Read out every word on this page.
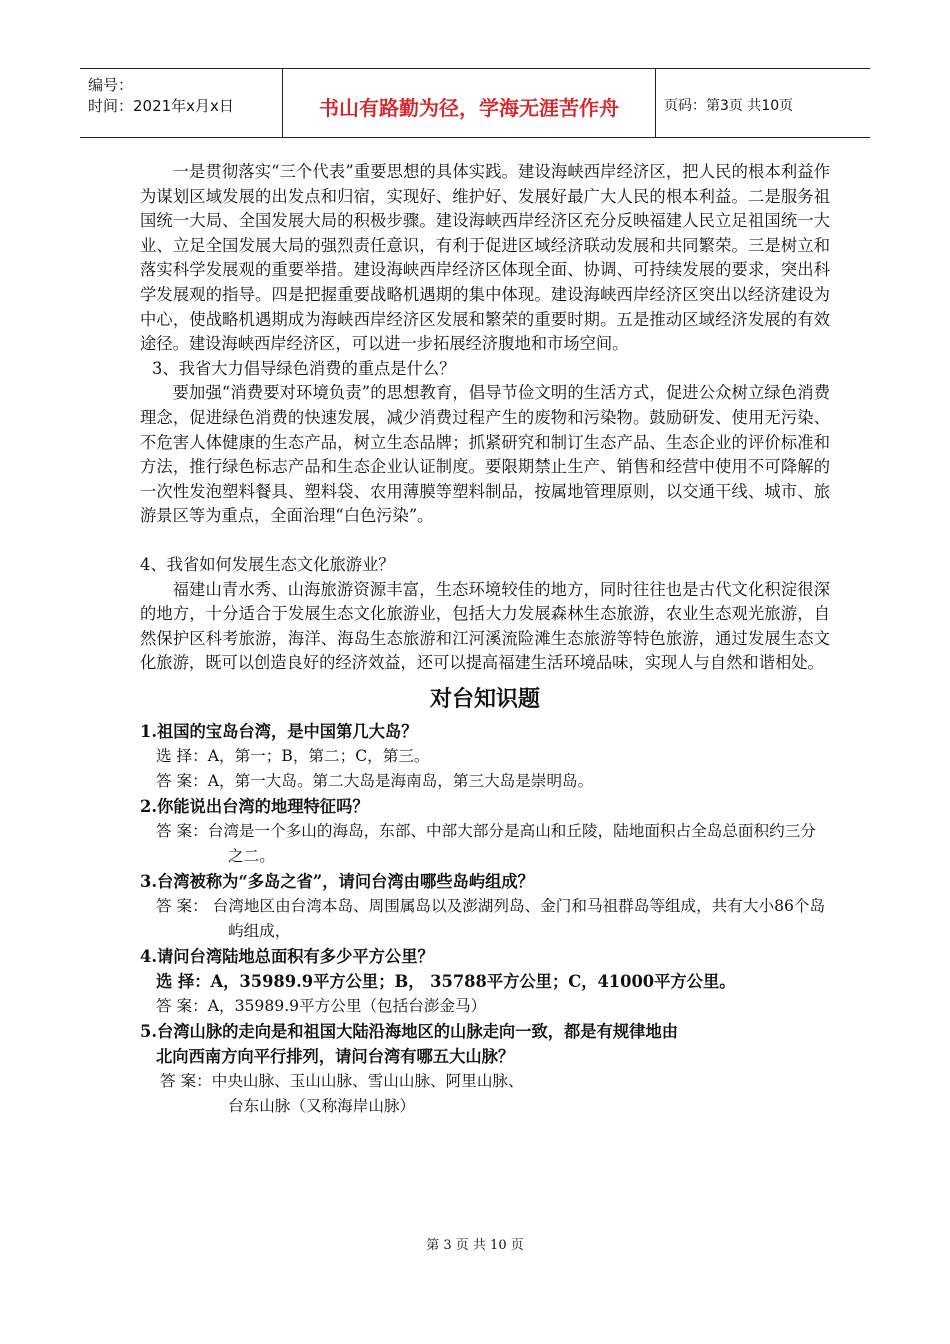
编号：
时间：2021年x月x日	书山有路勤为径，学海无涯苦作舟	页码：第3页 共10页

一是贯彻落实“三个代表”重要思想的具体实践。建设海峡西岸经济区，把人民的根本利益作为谋划区域发展的出发点和归宿，实现好、维护好、发展好最广大人民的根本利益。二是服务祖国统一大局、全国发展大局的积极步骤。建设海峡西岸经济区充分反映福建人民立足祖国统一大业、立足全国发展大局的强烈责任意识，有利于促进区域经济联动发展和共同繁荣。三是树立和落实科学发展观的重要举措。建设海峡西岸经济区体现全面、协调、可持续发展的要求，突出科学发展观的指导。四是把握重要战略机遇期的集中体现。建设海峡西岸经济区突出以经济建设为中心，使战略机遇期成为海峡西岸经济区发展和繁荣的重要时期。五是推动区域经济发展的有效途径。建设海峡西岸经济区，可以进一步拓展经济腹地和市场空间。

3、我省大力倡导绿色消费的重点是什么？

要加强“消费要对环境负责”的思想教育，倡导节俭文明的生活方式，促进公众树立绿色消费理念，促进绿色消费的快速发展，减少消费过程产生的废物和污染物。鼓励研发、使用无污染、不危害人体健康的生态产品，树立生态品牌；抓紧研究和制订生态产品、生态企业的评价标准和方法，推行绿色标志产品和生态企业认证制度。要限期禁止生产、销售和经营中使用不可降解的一次性发泡塑料餐具、塑料袋、农用薄膜等塑料制品，按属地管理原则，以交通干线、城市、旅游景区等为重点，全面治理“白色污染”。

4、我省如何发展生态文化旅游业？

福建山青水秀、山海旅游资源丰富，生态环境较佳的地方，同时往往也是古代文化积淀很深的地方，十分适合于发展生态文化旅游业，包括大力发展森林生态旅游，农业生态观光旅游，自然保护区科考旅游，海洋、海岛生态旅游和江河溪流险滩生态旅游等特色旅游，通过发展生态文化旅游，既可以创造良好的经济效益，还可以提高福建生活环境品味，实现人与自然和谐相处。

对台知识题

1.祖国的宝岛台湾，是中国第几大岛？

选 择：A，第一；B，第二；C，第三。

答 案：A，第一大岛。第二大岛是海南岛，第三大岛是崇明岛。

2.你能说出台湾的地理特征吗？

答 案：台湾是一个多山的海岛，东部、中部大部分是高山和丘陵，陆地面积占全岛总面积约三分之二。

3.台湾被称为“多岛之省”，请问台湾由哪些岛屿组成？

答 案： 台湾地区由台湾本岛、周围属岛以及澎湖列岛、金门和马祖群岛等组成，共有大小86个岛屿组成，

4.请问台湾陆地总面积有多少平方公里？

选 择：A，35989.9平方公里；B， 35788平方公里；C，41000平方公里。

答 案：A，35989.9平方公里（包括台澎金马）

5.台湾山脉的走向是和祖国大陆沿海地区的山脉走向一致，都是有规律地由

北向西南方向平行排列，请问台湾有哪五大山脉？

答 案：中央山脉、玉山山脉、雪山山脉、阿里山脉、

台东山脉（又称海岸山脉）

第 3 页 共 10 页
